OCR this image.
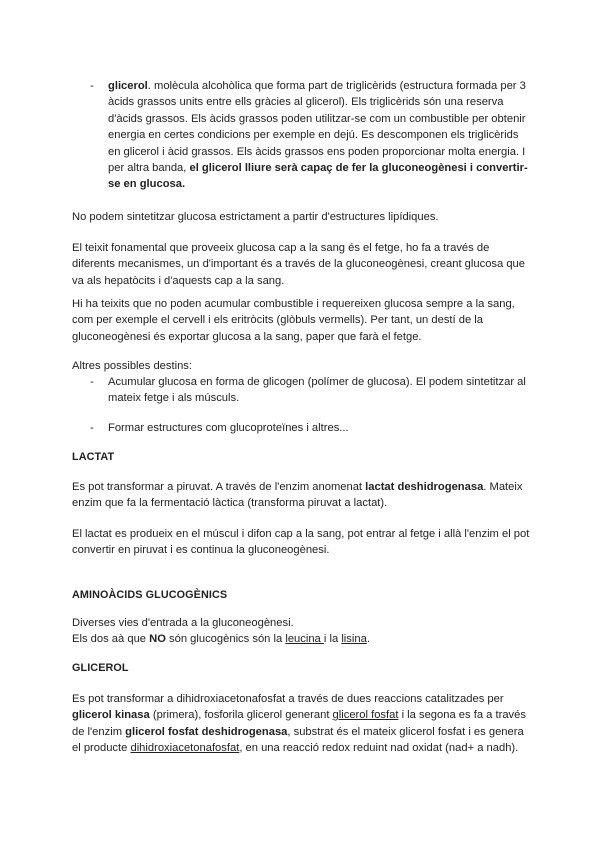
-	glicerol. molècula alcohòlica que forma part de triglicèrids (estructura formada per 3 àcids grassos units entre ells gràcies al glicerol). Els triglicèrids són una reserva d'àcids grassos. Els àcids grassos poden utilitzar-se com un combustible per obtenir energia en certes condicions per exemple en dejú. Es descomponen els triglicèrids en glicerol i àcid grassos. Els àcids grassos ens poden proporcionar molta energia. I per altra banda, el glicerol lliure serà capaç de fer la gluconeogènesi i convertir-se en glucosa.

No podem sintetitzar glucosa estrictament a partir d'estructures lipídiques.

El teixit fonamental que proveeix glucosa cap a la sang és el fetge, ho fa a través de diferents mecanismes, un d'important és a través de la gluconeogènesi, creant glucosa que va als hepatòcits i d'aquests cap a la sang.

Hi ha teixits que no poden acumular combustible i requereixen glucosa sempre a la sang, com per exemple el cervell i els eritròcits (glòbuls vermells). Per tant, un destí de la gluconeogènesi és exportar glucosa a la sang, paper que farà el fetge.

Altres possibles destins:

-	Acumular glucosa en forma de glicogen (polímer de glucosa). El podem sintetitzar al mateix fetge i als músculs.
-	Formar estructures com glucoproteïnes i altres...

LACTAT

Es pot transformar a piruvat. A través de l'enzim anomenat lactat deshidrogenasa. Mateix enzim que fa la fermentació làctica (transforma piruvat a lactat).

El lactat es produeix en el múscul i difon cap a la sang, pot entrar al fetge i allà l'enzim el pot convertir en piruvat i es continua la gluconeogènesi.

AMINOÀCIDS GLUCOGÈNICS

Diverses vies d'entrada a la gluconeogènesi.
Els dos aà que NO són glucogènics són la leucina i la lisina.

GLICEROL

Es pot transformar a dihidroxiacetonafosfat a través de dues reaccions catalitzades per glicerol kinasa (primera), fosforila glicerol generant glicerol fosfat i la segona es fa a través de l'enzim glicerol fosfat deshidrogenasa, substrat és el mateix glicerol fosfat i es genera el producte dihidroxiacetonafosfat, en una reacció redox reduint nad oxidat (nad+ a nadh).
